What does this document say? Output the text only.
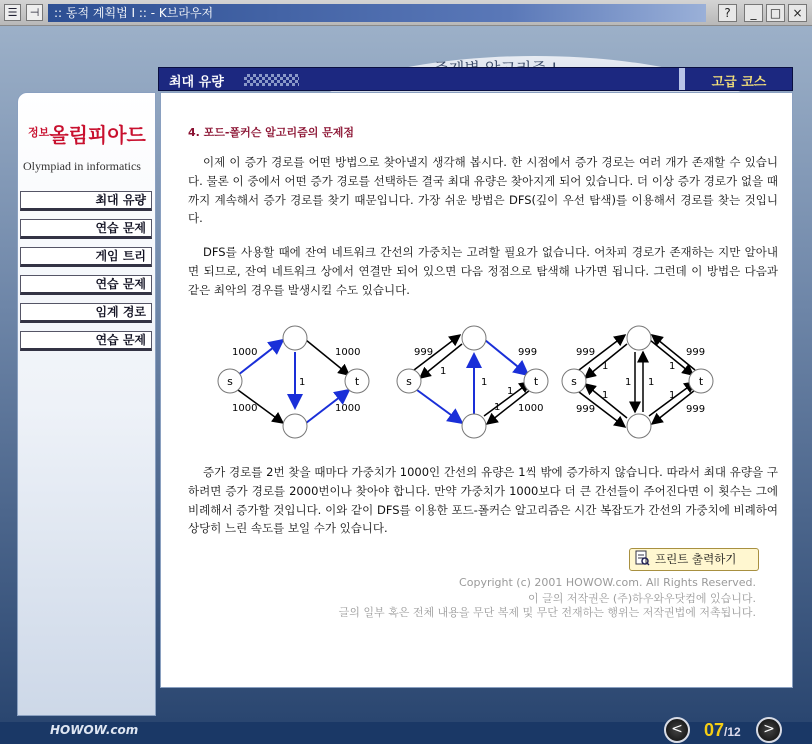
☰	⊣	:: 동적 계획법 I :: - K브라우저	?	_	□ ×
$^{정보}$올림피아드
Olympiad in informatics
최대 유량
연습 문제
게임 트리
연습 문제
임계 경로
연습 문제
HOWOW.com	<	07/12	>
최대 유량	고급 코스
4. 포드-폴커슨 알고리즘의 문제점
이제 이 증가 경로를 어떤 방법으로 찾아낼지 생각해 봅시다. 한 시점에서 증가 경로는 여러 개가 존재할 수 있습니다. 물론 이 중에서 어떤 증가 경로를 선택하든 결국 최대 유량은 찾아지게 되어 있습니다. 더 이상 증가 경로가 없을 때까지 계속해서 증가 경로를 찾기 때문입니다. 가장 쉬운 방법은 DFS(깊이 우선 탐색)를 이용해서 경로를 찾는 것입니다.
DFS를 사용할 때에 잔여 네트워크 간선의 가중치는 고려할 필요가 없습니다. 어차피 경로가 존재하는 지만 알아내면 되므로, 잔여 네트워크 상에서 연결만 되어 있으면 다음 정점으로 탐색해 나가면 됩니다. 그런데 이 방법은 다음과 같은 최악의 경우를 발생시킬 수도 있습니다.
s	t
1000	1000
1
1000	1000
s	t
999
1
999
1
1
1 1000
s	t
999
999
1
1
1 1
1
1
999
999
증가 경로를 2번 찾을 때마다 가중치가 1000인 간선의 유량은 1씩 밖에 증가하지 않습니다. 따라서 최대 유량을 구하려면 증가 경로를 2000번이나 찾아야 합니다. 만약 가중치가 1000보다 더 큰 간선들이 주어진다면 이 횟수는 그에 비례해서 증가할 것입니다. 이와 같이 DFS를 이용한 포드-폴커슨 알고리즘은 시간 복잡도가 간선의 가중치에 비례하여 상당히 느린 속도를 보일 수가 있습니다.
프린트 출력하기
Copyright (c) 2001 HOWOW.com. All Rights Reserved.
이 글의 저작권은 (주)하우와우닷컴에 있습니다.
글의 일부 혹은 전체 내용을 무단 복제 및 무단 전재하는 행위는 저작권법에 저촉됩니다.
